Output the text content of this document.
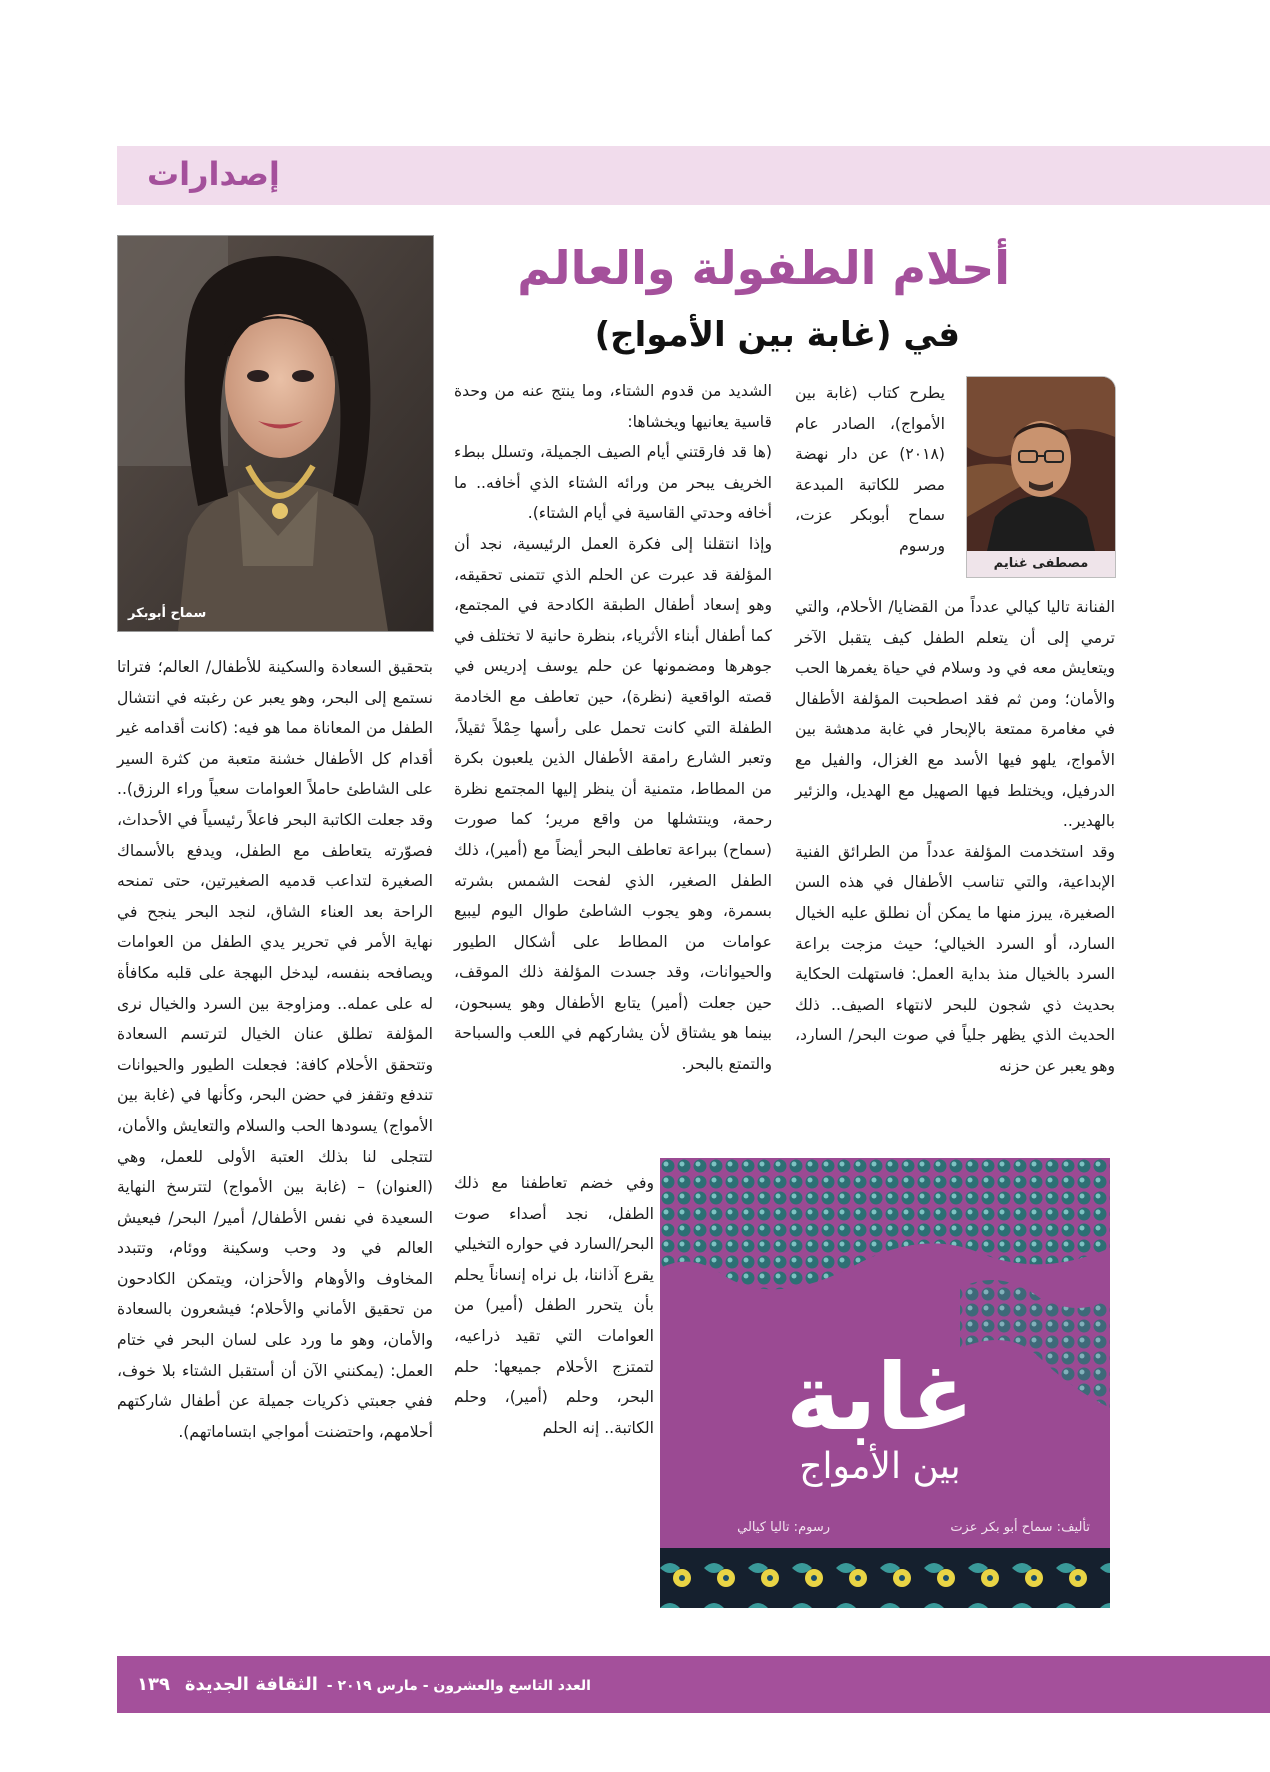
إصدارات
أحلام الطفولة والعالم
في (غابة بين الأمواج)
سماح أبوبكر
مصطفى غنايم

يطرح كتاب (غابة بين الأمواج)، الصادر عام (٢٠١٨) عن دار نهضة مصر للكاتبة المبدعة سماح أبوبكر عزت، ورسوم

الفنانة تاليا كيالي عدداً من القضايا/ الأحلام، والتي ترمي إلى أن يتعلم الطفل كيف يتقبل الآخر ويتعايش معه في ود وسلام في حياة يغمرها الحب والأمان؛ ومن ثم فقد اصطحبت المؤلفة الأطفال في مغامرة ممتعة بالإبحار في غابة مدهشة بين الأمواج، يلهو فيها الأسد مع الغزال، والفيل مع الدرفيل، ويختلط فيها الصهيل مع الهديل، والزئير بالهدير..

وقد استخدمت المؤلفة عدداً من الطرائق الفنية الإبداعية، والتي تناسب الأطفال في هذه السن الصغيرة، يبرز منها ما يمكن أن نطلق عليه الخيال السارد، أو السرد الخيالي؛ حيث مزجت براعة السرد بالخيال منذ بداية العمل: فاستهلت الحكاية بحديث ذي شجون للبحر لانتهاء الصيف.. ذلك الحديث الذي يظهر جلياً في صوت البحر/ السارد، وهو يعبر عن حزنه

الشديد من قدوم الشتاء، وما ينتج عنه من وحدة قاسية يعانيها ويخشاها:

(ها قد فارقتني أيام الصيف الجميلة، وتسلل ببطء الخريف يبحر من ورائه الشتاء الذي أخافه.. ما أخافه وحدتي القاسية في أيام الشتاء).

وإذا انتقلنا إلى فكرة العمل الرئيسية، نجد أن المؤلفة قد عبرت عن الحلم الذي تتمنى تحقيقه، وهو إسعاد أطفال الطبقة الكادحة في المجتمع، كما أطفال أبناء الأثرياء، بنظرة حانية لا تختلف في جوهرها ومضمونها عن حلم يوسف إدريس في قصته الواقعية (نظرة)، حين تعاطف مع الخادمة الطفلة التي كانت تحمل على رأسها حِمْلاً ثقيلاً، وتعبر الشارع رامقة الأطفال الذين يلعبون بكرة من المطاط، متمنية أن ينظر إليها المجتمع نظرة رحمة، وينتشلها من واقع مرير؛ كما صورت (سماح) ببراعة تعاطف البحر أيضاً مع (أمير)، ذلك الطفل الصغير، الذي لفحت الشمس بشرته بسمرة، وهو يجوب الشاطئ طوال اليوم ليبيع عوامات من المطاط على أشكال الطيور والحيوانات، وقد جسدت المؤلفة ذلك الموقف، حين جعلت (أمير) يتابع الأطفال وهو يسبحون، بينما هو يشتاق لأن يشاركهم في اللعب والسباحة والتمتع بالبحر.

وفي خضم تعاطفنا مع ذلك الطفل، نجد أصداء صوت البحر/السارد في حواره التخيلي يقرع آذاننا، بل نراه إنساناً يحلم بأن يتحرر الطفل (أمير) من العوامات التي تقيد ذراعيه، لتمتزج الأحلام جميعها: حلم البحر، وحلم (أمير)، وحلم الكاتبة.. إنه الحلم

بتحقيق السعادة والسكينة للأطفال/ العالم؛ فتراتا نستمع إلى البحر، وهو يعبر عن رغبته في انتشال الطفل من المعاناة مما هو فيه: (كانت أقدامه غير أقدام كل الأطفال خشنة متعبة من كثرة السير على الشاطئ حاملاً العوامات سعياً وراء الرزق).. وقد جعلت الكاتبة البحر فاعلاً رئيسياً في الأحداث، فصوّرته يتعاطف مع الطفل، ويدفع بالأسماك الصغيرة لتداعب قدميه الصغيرتين، حتى تمنحه الراحة بعد العناء الشاق، لنجد البحر ينجح في نهاية الأمر في تحرير يدي الطفل من العوامات ويصافحه بنفسه، ليدخل البهجة على قلبه مكافأة له على عمله.. ومزاوجة بين السرد والخيال نرى المؤلفة تطلق عنان الخيال لترتسم السعادة وتتحقق الأحلام كافة: فجعلت الطيور والحيوانات تندفع وتقفز في حضن البحر، وكأنها في (غابة بين الأمواج) يسودها الحب والسلام والتعايش والأمان، لتتجلى لنا بذلك العتبة الأولى للعمل، وهي (العنوان) – (غابة بين الأمواج) لتترسخ النهاية السعيدة في نفس الأطفال/ أمير/ البحر/ فيعيش العالم في ود وحب وسكينة ووئام، وتتبدد المخاوف والأوهام والأحزان، ويتمكن الكادحون من تحقيق الأماني والأحلام؛ فيشعرون بالسعادة والأمان، وهو ما ورد على لسان البحر في ختام العمل: (يمكنني الآن أن أستقبل الشتاء بلا خوف، ففي جعبتي ذكريات جميلة عن أطفال شاركتهم أحلامهم، واحتضنت أمواجي ابتساماتهم).	غابة
بين الأمواج
تأليف: سماح أبو بكر عزت
رسوم: تاليا كيالي
العدد التاسع والعشرون - مارس ٢٠١٩ - الثقافة الجديدة ١٣٩
